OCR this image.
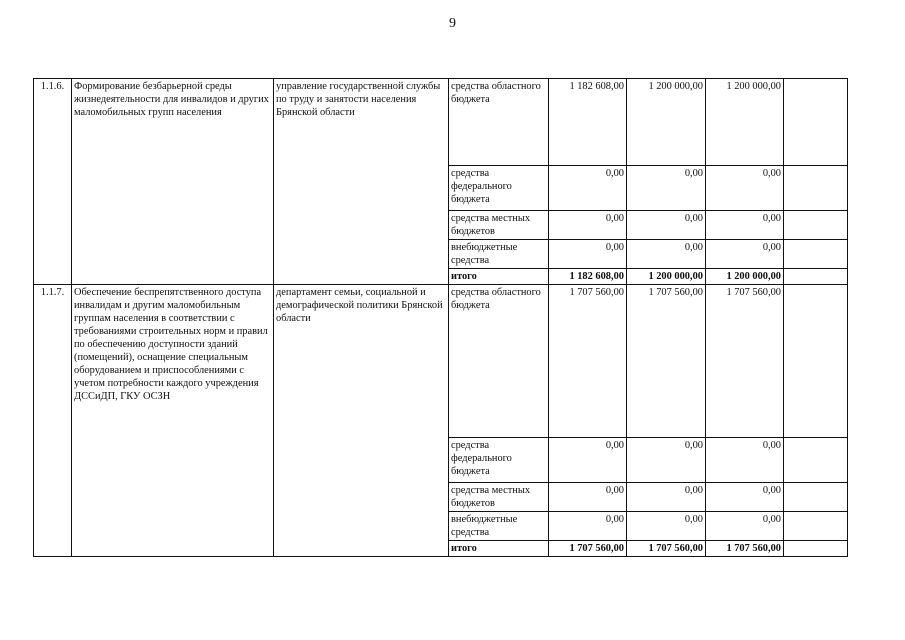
9
1.1.6.	Формирование безбарьерной среды жизнедеятельности для инвалидов и других маломобильных групп населения	управление государственной службы по труду и занятости населения Брянской области	средства областного бюджета	1 182 608,00	1 200 000,00	1 200 000,00	
			средства федерального бюджета	0,00	0,00	0,00	
			средства местных бюджетов	0,00	0,00	0,00	
			внебюджетные средства	0,00	0,00	0,00	
			итого	1 182 608,00	1 200 000,00	1 200 000,00	
1.1.7.	Обеспечение беспрепятственного доступа инвалидам и другим маломобильным группам населения в соответствии с требованиями строительных норм и правил по обеспечению доступности зданий (помещений), оснащение специальным оборудованием и приспособлениями с учетом потребности каждого учреждения ДССиДП, ГКУ ОСЗН	департамент семьи, социальной и демографической политики Брянской области	средства областного бюджета	1 707 560,00	1 707 560,00	1 707 560,00	
			средства федерального бюджета	0,00	0,00	0,00	
			средства местных бюджетов	0,00	0,00	0,00	
			внебюджетные средства	0,00	0,00	0,00	
			итого	1 707 560,00	1 707 560,00	1 707 560,00	
